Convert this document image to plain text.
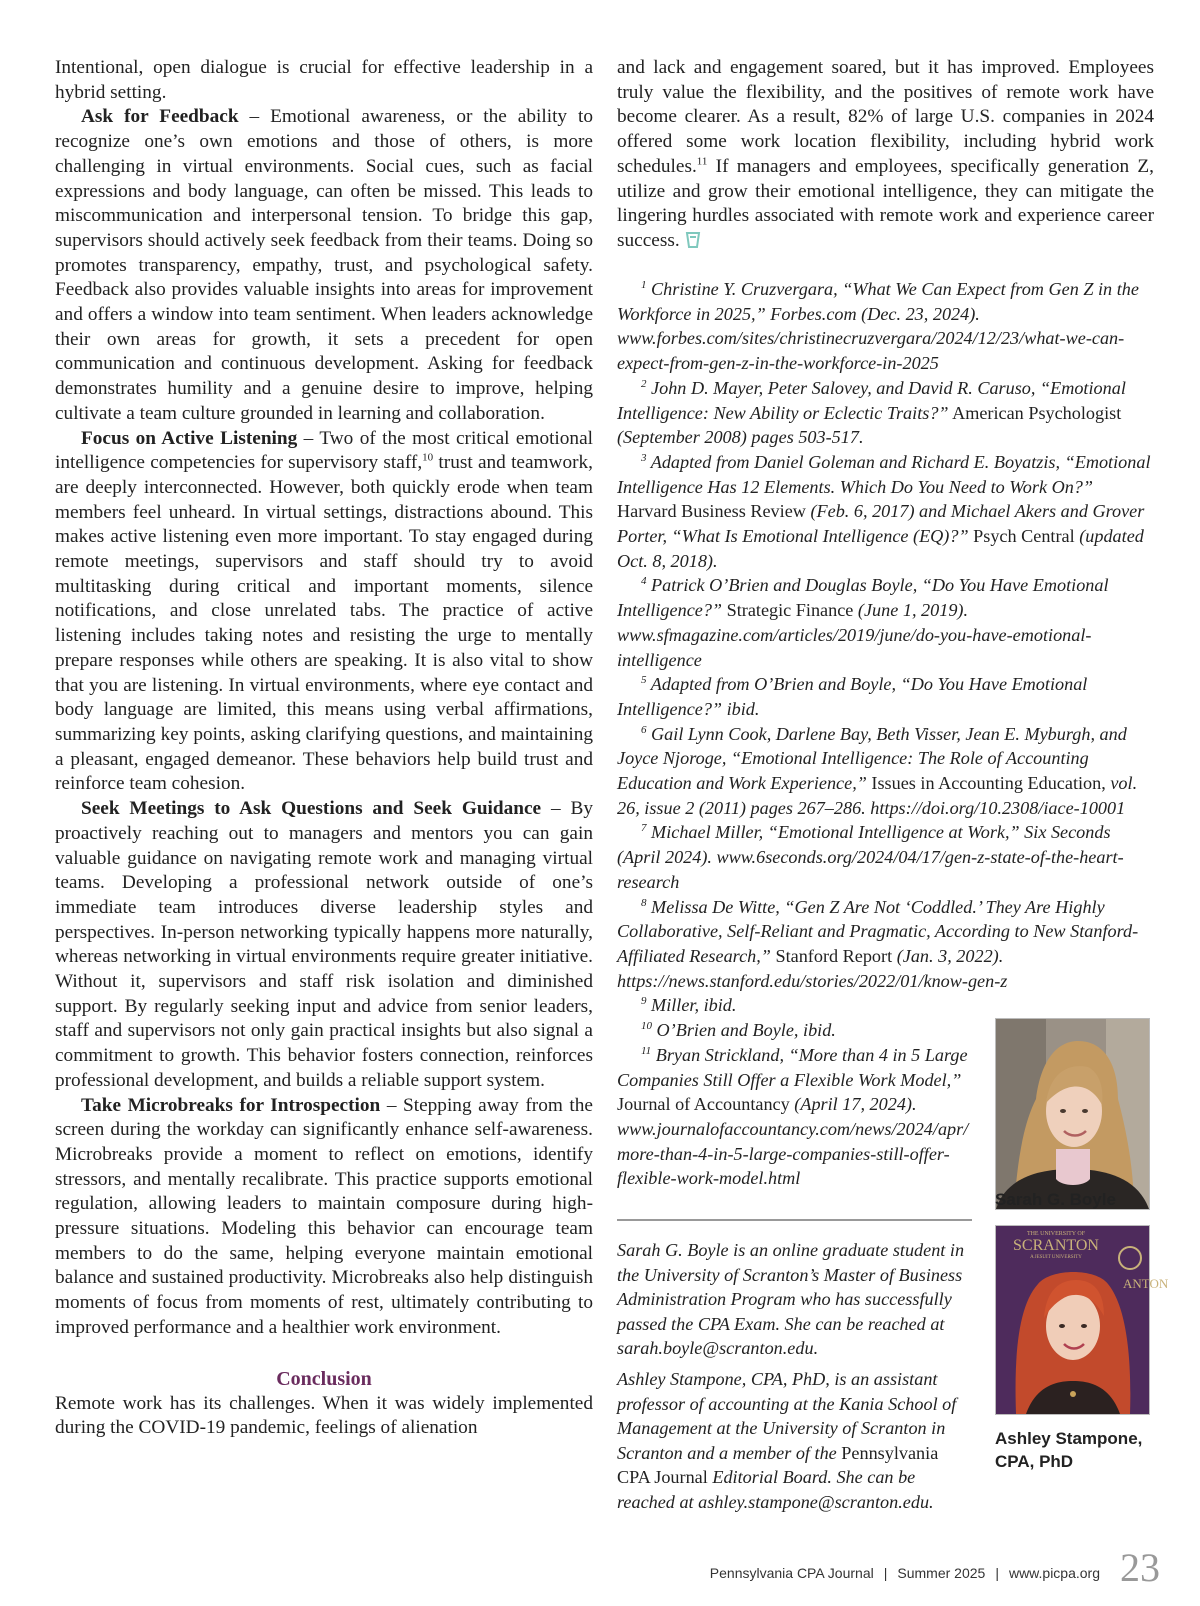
Intentional, open dialogue is crucial for effective leadership in a hybrid setting.

Ask for Feedback – Emotional awareness, or the ability to recognize one’s own emotions and those of others, is more challenging in virtual environments. Social cues, such as facial expressions and body language, can often be missed. This leads to miscommunication and interpersonal tension. To bridge this gap, supervisors should actively seek feedback from their teams. Doing so promotes transparency, empathy, trust, and psychological safety. Feedback also provides valuable insights into areas for improvement and offers a window into team sentiment. When leaders acknowledge their own areas for growth, it sets a precedent for open communication and continuous development. Asking for feedback demonstrates humility and a genuine desire to improve, helping cultivate a team culture grounded in learning and collaboration.

Focus on Active Listening – Two of the most critical emotional intelligence competencies for supervisory staff,$^{10}$ trust and teamwork, are deeply interconnected. However, both quickly erode when team members feel unheard. In virtual settings, distractions abound. This makes active listening even more important. To stay engaged during remote meetings, supervisors and staff should try to avoid multitasking during critical and important moments, silence notifications, and close unrelated tabs. The practice of active listening includes taking notes and resisting the urge to mentally prepare responses while others are speaking. It is also vital to show that you are listening. In virtual environments, where eye contact and body language are limited, this means using verbal affirmations, summarizing key points, asking clarifying questions, and maintaining a pleasant, engaged demeanor. These behaviors help build trust and reinforce team cohesion.

Seek Meetings to Ask Questions and Seek Guidance – By proactively reaching out to managers and mentors you can gain valuable guidance on navigating remote work and managing virtual teams. Developing a professional network outside of one’s immediate team introduces diverse leadership styles and perspectives. In-person networking typically happens more naturally, whereas networking in virtual environments require greater initiative. Without it, supervisors and staff risk isolation and diminished support. By regularly seeking input and advice from senior leaders, staff and supervisors not only gain practical insights but also signal a commitment to growth. This behavior fosters connection, reinforces professional development, and builds a reliable support system.

Take Microbreaks for Introspection – Stepping away from the screen during the workday can significantly enhance self-awareness. Microbreaks provide a moment to reflect on emotions, identify stressors, and mentally recalibrate. This practice supports emotional regulation, allowing leaders to maintain composure during high-pressure situations. Modeling this behavior can encourage team members to do the same, helping everyone maintain emotional balance and sustained productivity. Microbreaks also help distinguish moments of focus from moments of rest, ultimately contributing to improved performance and a healthier work environment.

Conclusion

Remote work has its challenges. When it was widely implemented during the COVID-19 pandemic, feelings of alienation

and lack and engagement soared, but it has improved. Employees truly value the flexibility, and the positives of remote work have become clearer. As a result, 82% of large U.S. companies in 2024 offered some work location flexibility, including hybrid work schedules.$^{11}$ If managers and employees, specifically generation Z, utilize and grow their emotional intelligence, they can mitigate the lingering hurdles associated with remote work and experience career success.

$^1$ Christine Y. Cruzvergara, “What We Can Expect from Gen Z in the Workforce in 2025,” Forbes.com (Dec. 23, 2024). www.forbes.com/sites/christinecruzvergara/2024/12/23/what-we-can-expect-from-gen-z-in-the-workforce-in-2025

$^2$ John D. Mayer, Peter Salovey, and David R. Caruso, “Emotional Intelligence: New Ability or Eclectic Traits?” American Psychologist (September 2008) pages 503-517.

$^3$ Adapted from Daniel Goleman and Richard E. Boyatzis, “Emotional Intelligence Has 12 Elements. Which Do You Need to Work On?” Harvard Business Review (Feb. 6, 2017) and Michael Akers and Grover Porter, “What Is Emotional Intelligence (EQ)?” Psych Central (updated Oct. 8, 2018).

$^4$ Patrick O’Brien and Douglas Boyle, “Do You Have Emotional Intelligence?” Strategic Finance (June 1, 2019). www.sfmagazine.com/articles/2019/june/do-you-have-emotional-intelligence

$^5$ Adapted from O’Brien and Boyle, “Do You Have Emotional Intelligence?” ibid.

$^6$ Gail Lynn Cook, Darlene Bay, Beth Visser, Jean E. Myburgh, and Joyce Njoroge, “Emotional Intelligence: The Role of Accounting Education and Work Experience,” Issues in Accounting Education, vol. 26, issue 2 (2011) pages 267–286. https://doi.org/10.2308/iace-10001

$^7$ Michael Miller, “Emotional Intelligence at Work,” Six Seconds (April 2024). www.6seconds.org/2024/04/17/gen-z-state-of-the-heart-research

$^8$ Melissa De Witte, “Gen Z Are Not ‘Coddled.’ They Are Highly Collaborative, Self-Reliant and Pragmatic, According to New Stanford-Affiliated Research,” Stanford Report (Jan. 3, 2022). https://news.stanford.edu/stories/2022/01/know-gen-z

$^9$ Miller, ibid.

$^{10}$ O’Brien and Boyle, ibid.

$^{11}$ Bryan Strickland, “More than 4 in 5 Large Companies Still Offer a Flexible Work Model,” Journal of Accountancy (April 17, 2024). www.journalofaccountancy.com/news/2024/apr/more-than-4-in-5-large-companies-still-offer-flexible-work-model.html

Sarah G. Boyle is an online graduate student in the University of Scranton’s Master of Business Administration Program who has successfully passed the CPA Exam. She can be reached at sarah.boyle@scranton.edu.

Ashley Stampone, CPA, PhD, is an assistant professor of accounting at the Kania School of Management at the University of Scranton in Scranton and a member of the Pennsylvania CPA Journal Editorial Board. She can be reached at ashley.stampone@scranton.edu.

Sarah G. Boyle
THE UNIVERSITY OF
SCRANTON
A JESUIT UNIVERSITY
ANTON
Ashley Stampone,
CPA, PhD
Pennsylvania CPA Journal | Summer 2025 | www.picpa.org 23
